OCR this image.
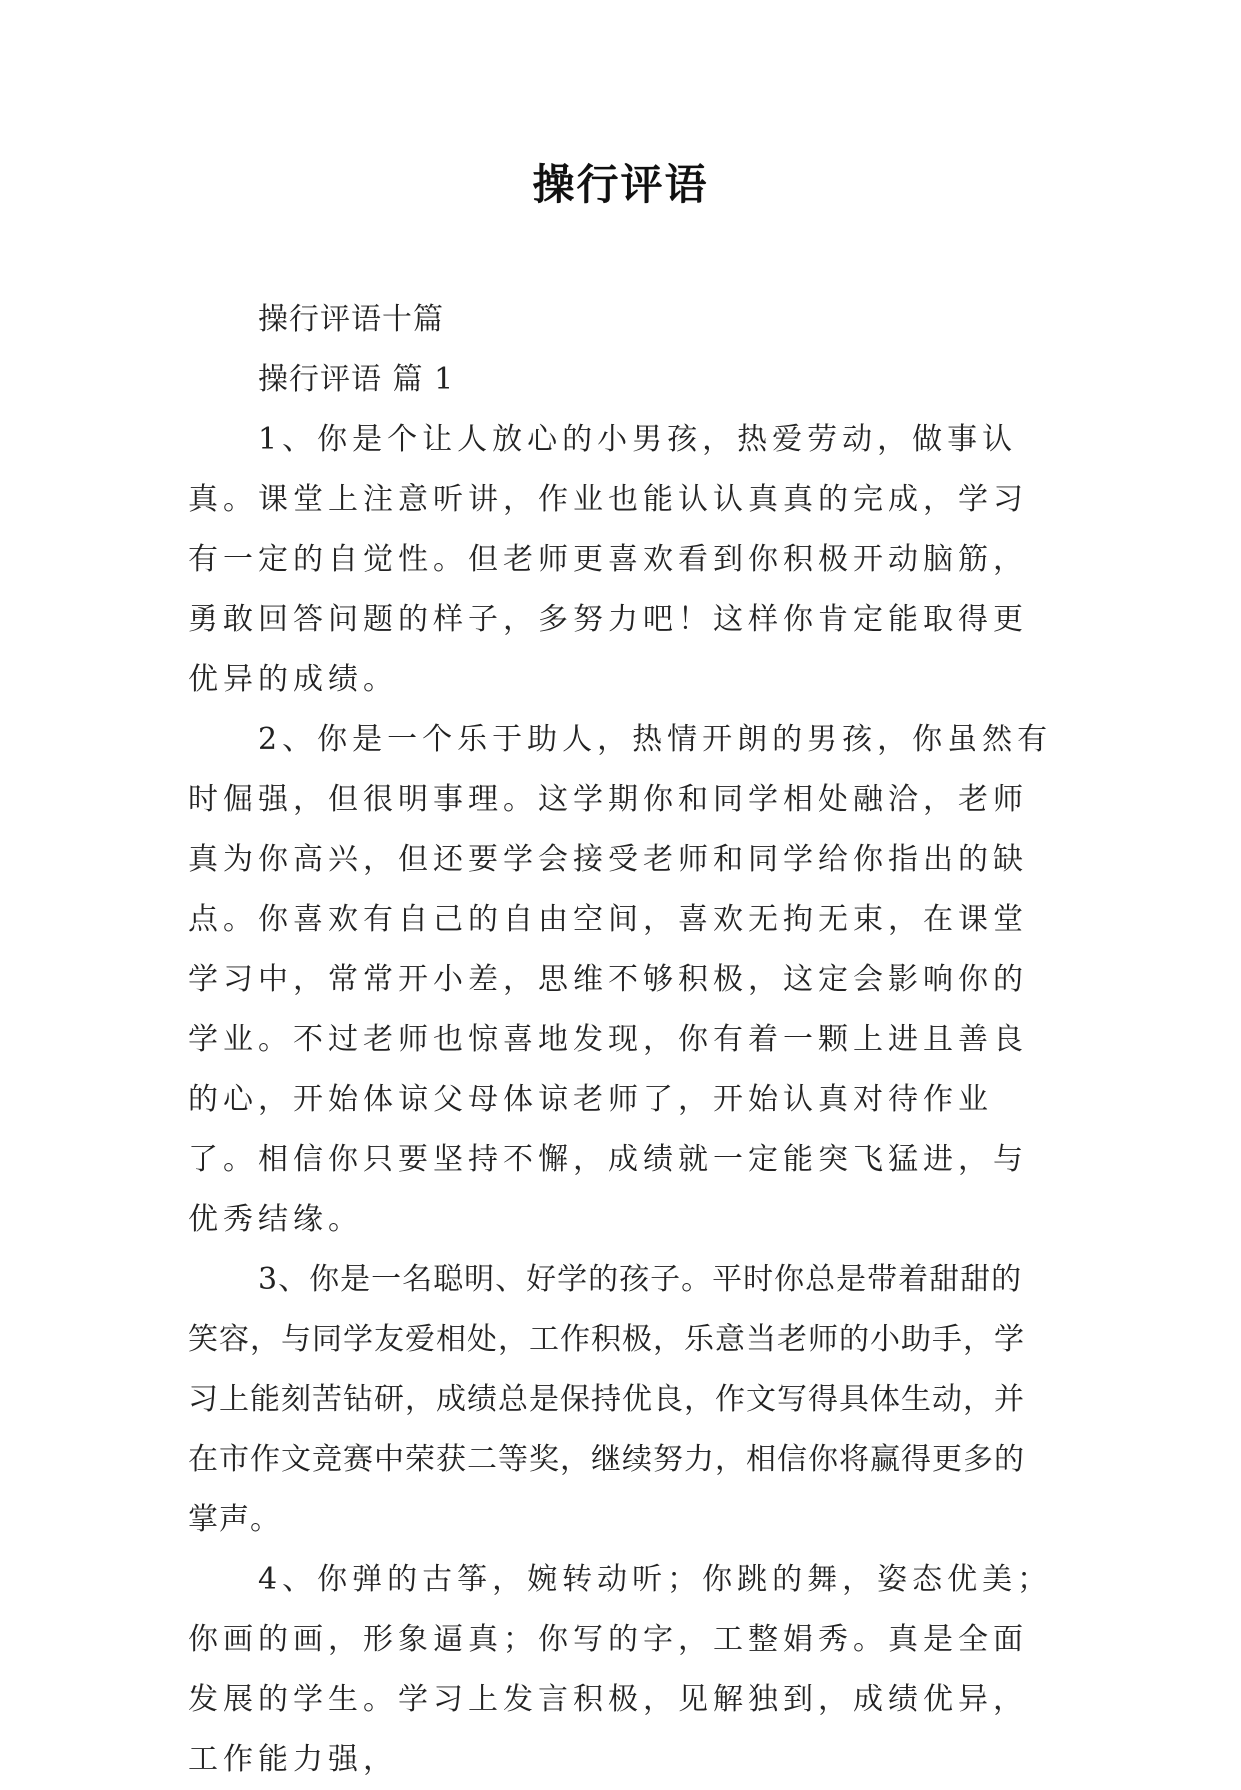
操行评语

操行评语十篇

操行评语 篇 1

1、你是个让人放心的小男孩，热爱劳动，做事认真。课堂上注意听讲，作业也能认认真真的完成，学习有一定的自觉性。但老师更喜欢看到你积极开动脑筋，勇敢回答问题的样子，多努力吧！这样你肯定能取得更优异的成绩。

2、你是一个乐于助人，热情开朗的男孩，你虽然有时倔强，但很明事理。这学期你和同学相处融洽，老师真为你高兴，但还要学会接受老师和同学给你指出的缺点。你喜欢有自己的自由空间，喜欢无拘无束，在课堂学习中，常常开小差，思维不够积极，这定会影响你的学业。不过老师也惊喜地发现，你有着一颗上进且善良的心，开始体谅父母体谅老师了，开始认真对待作业了。相信你只要坚持不懈，成绩就一定能突飞猛进，与优秀结缘。

3、你是一名聪明、好学的孩子。平时你总是带着甜甜的笑容，与同学友爱相处，工作积极，乐意当老师的小助手，学习上能刻苦钻研，成绩总是保持优良，作文写得具体生动，并在市作文竞赛中荣获二等奖，继续努力，相信你将赢得更多的掌声。

4、你弹的古筝，婉转动听；你跳的舞，姿态优美；你画的画，形象逼真；你写的字，工整娟秀。真是全面发展的学生。学习上发言积极，见解独到，成绩优异，工作能力强，
